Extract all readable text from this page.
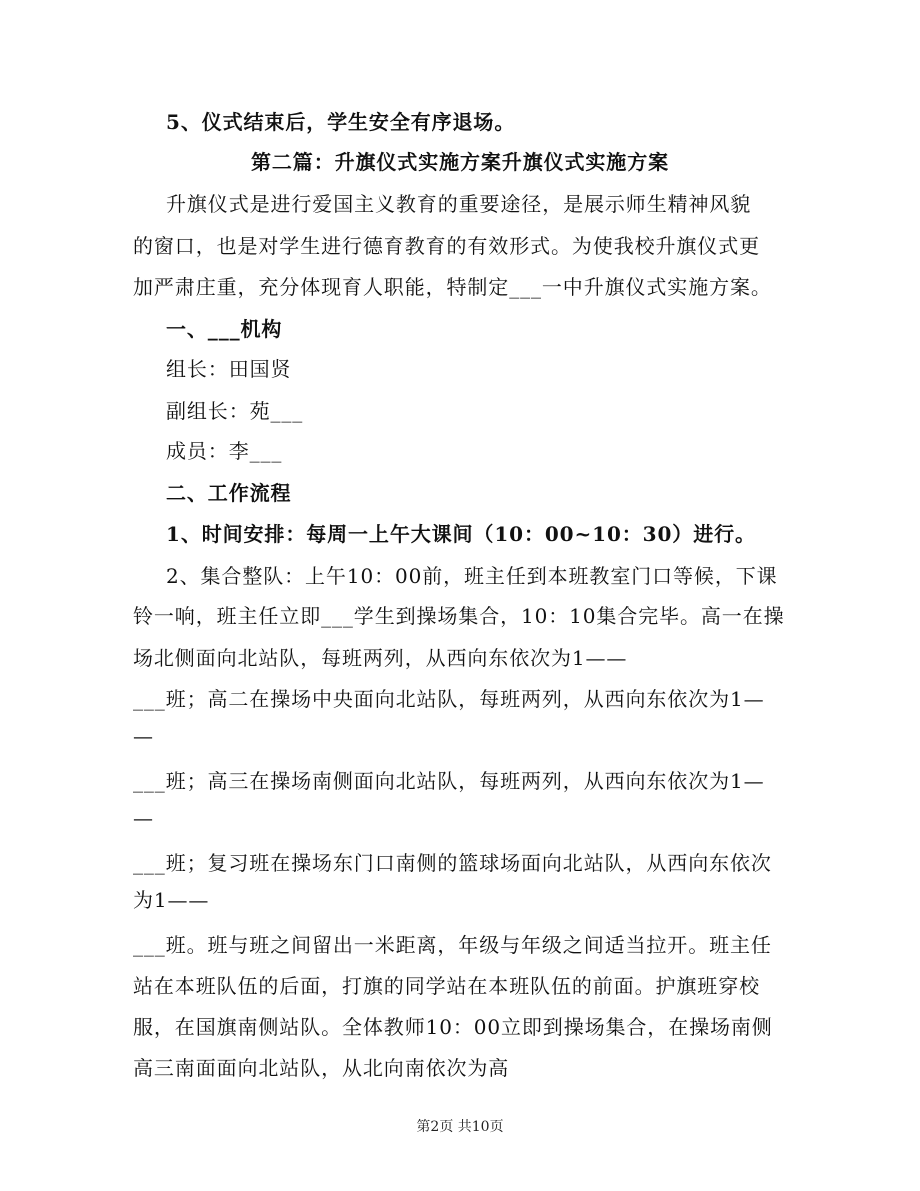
5、仪式结束后，学生安全有序退场。
第二篇：升旗仪式实施方案升旗仪式实施方案
升旗仪式是进行爱国主义教育的重要途径，是展示师生精神风貌
的窗口，也是对学生进行德育教育的有效形式。为使我校升旗仪式更
加严肃庄重，充分体现育人职能，特制定___一中升旗仪式实施方案。
一、___机构
组长：田国贤
副组长：苑___
成员：李___
二、工作流程
1、时间安排：每周一上午大课间（10：00~10：30）进行。
2、集合整队：上午10：00前，班主任到本班教室门口等候，下课
铃一响，班主任立即___学生到操场集合，10：10集合完毕。高一在操
场北侧面向北站队，每班两列，从西向东依次为1——
___班；高二在操场中央面向北站队，每班两列，从西向东依次为1—
—
___班；高三在操场南侧面向北站队，每班两列，从西向东依次为1—
—
___班；复习班在操场东门口南侧的篮球场面向北站队，从西向东依次
为1——
___班。班与班之间留出一米距离，年级与年级之间适当拉开。班主任
站在本班队伍的后面，打旗的同学站在本班队伍的前面。护旗班穿校
服，在国旗南侧站队。全体教师10：00立即到操场集合，在操场南侧
高三南面面向北站队，从北向南依次为高
第2页 共10页
